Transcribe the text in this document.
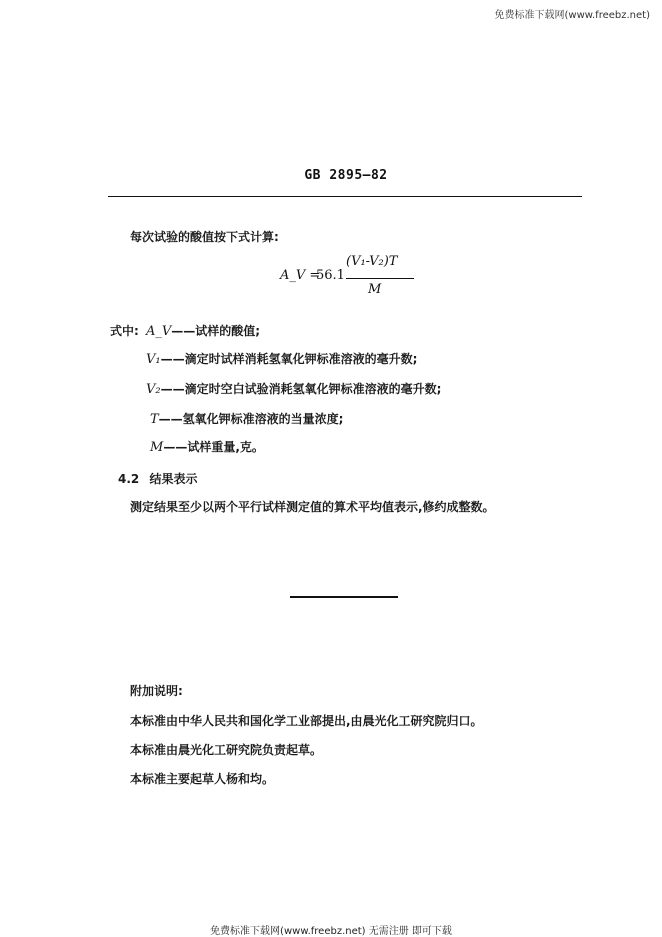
免费标准下载网(www.freebz.net)
GB 2895—82
每次试验的酸值按下式计算:
A_V =
56.1
(V₁-V₂)T
M
式中: A_V——试样的酸值;
V₁——滴定时试样消耗氢氧化钾标准溶液的毫升数;
V₂——滴定时空白试验消耗氢氧化钾标准溶液的毫升数;
T——氢氧化钾标准溶液的当量浓度;
M——试样重量,克。
4.2 结果表示
测定结果至少以两个平行试样测定值的算术平均值表示,修约成整数。
附加说明:
本标准由中华人民共和国化学工业部提出,由晨光化工研究院归口。
本标准由晨光化工研究院负责起草。
本标准主要起草人杨和均。
免费标准下载网(www.freebz.net) 无需注册 即可下载
